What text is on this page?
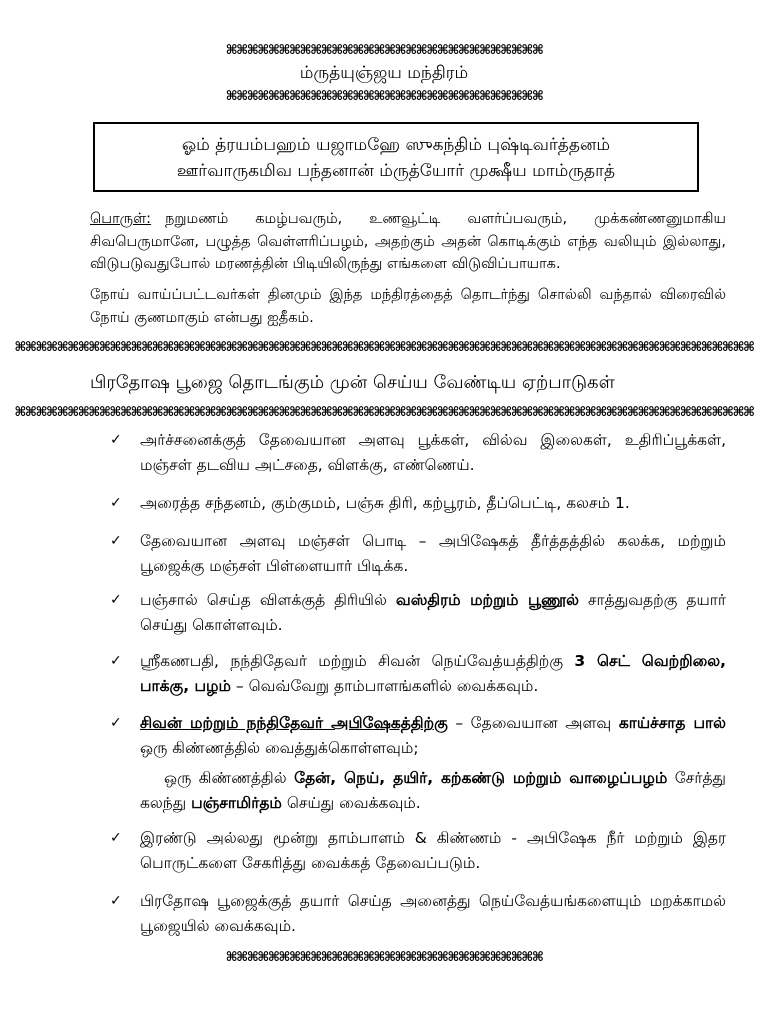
⌘⌘⌘⌘⌘⌘⌘⌘⌘⌘⌘⌘⌘⌘⌘⌘⌘⌘⌘⌘⌘⌘⌘⌘⌘⌘⌘⌘⌘⌘
ம்ருத்யுஞ்ஜய மந்திரம்
⌘⌘⌘⌘⌘⌘⌘⌘⌘⌘⌘⌘⌘⌘⌘⌘⌘⌘⌘⌘⌘⌘⌘⌘⌘⌘⌘⌘⌘⌘
ஓம் த்ரயம்பஹம் யஜாமஹே ஸுகந்திம் புஷ்டிவர்த்தனம்
ஊர்வாருகமிவ பந்தனான் ம்ருத்யோர் முக்ஷீய மாம்ருதாத்
பொருள்: நறுமணம் கமழ்பவரும், உணவூட்டி வளர்ப்பவரும், முக்கண்ணனுமாகிய சிவபெருமானே, பழுத்த வெள்ளரிப்பழம், அதற்கும் அதன் கொடிக்கும் எந்த வலியும் இல்லாது, விடுபடுவதுபோல் மரணத்தின் பிடியிலிருந்து எங்களை விடுவிப்பாயாக.
நோய் வாய்ப்பட்டவர்கள் தினமும் இந்த மந்திரத்தைத் தொடர்ந்து சொல்லி வந்தால் விரைவில் நோய் குணமாகும் என்பது ஐதீகம்.
⌘⌘⌘⌘⌘⌘⌘⌘⌘⌘⌘⌘⌘⌘⌘⌘⌘⌘⌘⌘⌘⌘⌘⌘⌘⌘⌘⌘⌘⌘⌘⌘⌘⌘⌘⌘⌘⌘⌘⌘⌘⌘⌘⌘⌘⌘⌘⌘⌘⌘⌘⌘⌘⌘⌘⌘⌘⌘⌘⌘⌘⌘⌘⌘⌘⌘⌘⌘⌘⌘
பிரதோஷ பூஜை தொடங்கும் முன் செய்ய வேண்டிய ஏற்பாடுகள்
⌘⌘⌘⌘⌘⌘⌘⌘⌘⌘⌘⌘⌘⌘⌘⌘⌘⌘⌘⌘⌘⌘⌘⌘⌘⌘⌘⌘⌘⌘⌘⌘⌘⌘⌘⌘⌘⌘⌘⌘⌘⌘⌘⌘⌘⌘⌘⌘⌘⌘⌘⌘⌘⌘⌘⌘⌘⌘⌘⌘⌘⌘⌘⌘⌘⌘⌘⌘⌘⌘
✓	அர்ச்சனைக்குத் தேவையான அளவு பூக்கள், வில்வ இலைகள், உதிரிப்பூக்கள், மஞ்சள் தடவிய அட்சதை, விளக்கு, எண்ணெய்.
✓	அரைத்த சந்தனம், கும்குமம், பஞ்சு திரி, கற்பூரம், தீப்பெட்டி, கலசம் 1.
✓	தேவையான அளவு மஞ்சள் பொடி – அபிஷேகத் தீர்த்தத்தில் கலக்க, மற்றும் பூஜைக்கு மஞ்சள் பிள்ளையார் பிடிக்க.
✓	பஞ்சால் செய்த விளக்குத் திரியில் வஸ்திரம் மற்றும் பூணூல் சாத்துவதற்கு தயார் செய்து கொள்ளவும்.
✓	ஸ்ரீகணபதி, நந்திதேவர் மற்றும் சிவன் நெய்வேத்யத்திற்கு 3 செட் வெற்றிலை, பாக்கு, பழம் – வெவ்வேறு தாம்பாளங்களில் வைக்கவும்.
✓	சிவன் மற்றும் நந்திதேவர் அபிஷேகத்திற்கு – தேவையான அளவு காய்ச்சாத பால் ஒரு கிண்ணத்தில் வைத்துக்கொள்ளவும்;
ஒரு கிண்ணத்தில் தேன், நெய், தயிர், கற்கண்டு மற்றும் வாழைப்பழம் சேர்த்து கலந்து பஞ்சாமிர்தம் செய்து வைக்கவும்.
✓	இரண்டு அல்லது மூன்று தாம்பாளம் & கிண்ணம் - அபிஷேக நீர் மற்றும் இதர பொருட்களை சேகரித்து வைக்கத் தேவைப்படும்.
✓	பிரதோஷ பூஜைக்குத் தயார் செய்த அனைத்து நெய்வேத்யங்களையும் மறக்காமல் பூஜையில் வைக்கவும்.
⌘⌘⌘⌘⌘⌘⌘⌘⌘⌘⌘⌘⌘⌘⌘⌘⌘⌘⌘⌘⌘⌘⌘⌘⌘⌘⌘⌘⌘⌘
